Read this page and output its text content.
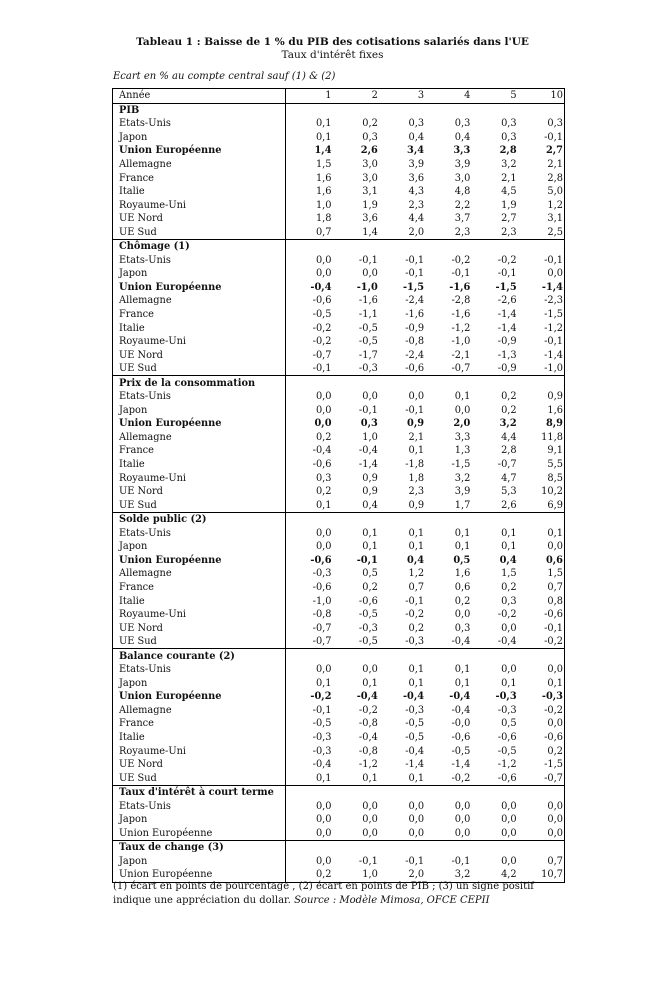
Tableau 1 : Baisse de 1 % du PIB des cotisations salariés dans l'UE
Taux d'intérêt fixes
Ecart en % au compte central sauf (1) & (2)
Année	1	2	3	4	5	10
PIB						
Etats-Unis	0,1	0,2	0,3	0,3	0,3	0,3
Japon	0,1	0,3	0,4	0,4	0,3	-0,1
Union Européenne	1,4	2,6	3,4	3,3	2,8	2,7
Allemagne	1,5	3,0	3,9	3,9	3,2	2,1
France	1,6	3,0	3,6	3,0	2,1	2,8
Italie	1,6	3,1	4,3	4,8	4,5	5,0
Royaume-Uni	1,0	1,9	2,3	2,2	1,9	1,2
UE Nord	1,8	3,6	4,4	3,7	2,7	3,1
UE Sud	0,7	1,4	2,0	2,3	2,3	2,5
Chômage (1)						
Etats-Unis	0,0	-0,1	-0,1	-0,2	-0,2	-0,1
Japon	0,0	0,0	-0,1	-0,1	-0,1	0,0
Union Européenne	-0,4	-1,0	-1,5	-1,6	-1,5	-1,4
Allemagne	-0,6	-1,6	-2,4	-2,8	-2,6	-2,3
France	-0,5	-1,1	-1,6	-1,6	-1,4	-1,5
Italie	-0,2	-0,5	-0,9	-1,2	-1,4	-1,2
Royaume-Uni	-0,2	-0,5	-0,8	-1,0	-0,9	-0,1
UE Nord	-0,7	-1,7	-2,4	-2,1	-1,3	-1,4
UE Sud	-0,1	-0,3	-0,6	-0,7	-0,9	-1,0
Prix de la consommation						
Etats-Unis	0,0	0,0	0,0	0,1	0,2	0,9
Japon	0,0	-0,1	-0,1	0,0	0,2	1,6
Union Européenne	0,0	0,3	0,9	2,0	3,2	8,9
Allemagne	0,2	1,0	2,1	3,3	4,4	11,8
France	-0,4	-0,4	0,1	1,3	2,8	9,1
Italie	-0,6	-1,4	-1,8	-1,5	-0,7	5,5
Royaume-Uni	0,3	0,9	1,8	3,2	4,7	8,5
UE Nord	0,2	0,9	2,3	3,9	5,3	10,2
UE Sud	0,1	0,4	0,9	1,7	2,6	6,9
Solde public (2)						
Etats-Unis	0,0	0,1	0,1	0,1	0,1	0,1
Japon	0,0	0,1	0,1	0,1	0,1	0,0
Union Européenne	-0,6	-0,1	0,4	0,5	0,4	0,6
Allemagne	-0,3	0,5	1,2	1,6	1,5	1,5
France	-0,6	0,2	0,7	0,6	0,2	0,7
Italie	-1,0	-0,6	-0,1	0,2	0,3	0,8
Royaume-Uni	-0,8	-0,5	-0,2	0,0	-0,2	-0,6
UE Nord	-0,7	-0,3	0,2	0,3	0,0	-0,1
UE Sud	-0,7	-0,5	-0,3	-0,4	-0,4	-0,2
Balance courante (2)						
Etats-Unis	0,0	0,0	0,1	0,1	0,0	0,0
Japon	0,1	0,1	0,1	0,1	0,1	0,1
Union Européenne	-0,2	-0,4	-0,4	-0,4	-0,3	-0,3
Allemagne	-0,1	-0,2	-0,3	-0,4	-0,3	-0,2
France	-0,5	-0,8	-0,5	-0,0	0,5	0,0
Italie	-0,3	-0,4	-0,5	-0,6	-0,6	-0,6
Royaume-Uni	-0,3	-0,8	-0,4	-0,5	-0,5	0,2
UE Nord	-0,4	-1,2	-1,4	-1,4	-1,2	-1,5
UE Sud	0,1	0,1	0,1	-0,2	-0,6	-0,7
Taux d'intérêt à court terme						
Etats-Unis	0,0	0,0	0,0	0,0	0,0	0,0
Japon	0,0	0,0	0,0	0,0	0,0	0,0
Union Européenne	0,0	0,0	0,0	0,0	0,0	0,0
Taux de change (3)						
Japon	0,0	-0,1	-0,1	-0,1	0,0	0,7
Union Européenne	0,2	1,0	2,0	3,2	4,2	10,7
(1) écart en points de pourcentage , (2) écart en points de PIB ; (3) un signe positif indique une appréciation du dollar. Source : Modèle Mimosa, OFCE CEPII
